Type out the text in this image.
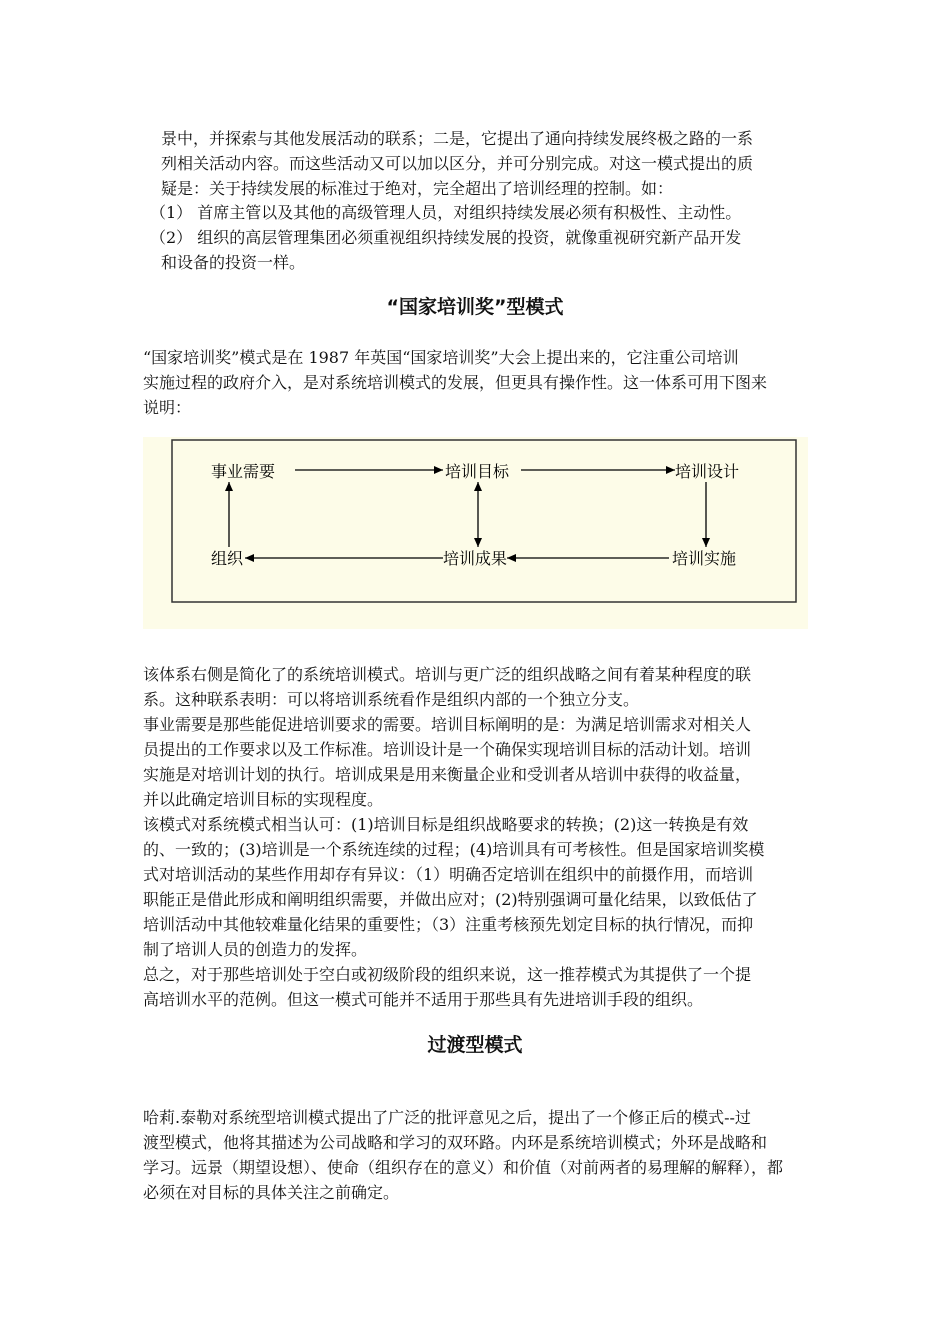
景中，并探索与其他发展活动的联系；二是，它提出了通向持续发展终极之路的一系
列相关活动内容。而这些活动又可以加以区分，并可分别完成。对这一模式提出的质
疑是：关于持续发展的标准过于绝对，完全超出了培训经理的控制。如：
（1） 首席主管以及其他的高级管理人员，对组织持续发展必须有积极性、主动性。
（2） 组织的高层管理集团必须重视组织持续发展的投资，就像重视研究新产品开发
和设备的投资一样。
“国家培训奖”型模式
“国家培训奖”模式是在 1987 年英国“国家培训奖”大会上提出来的，它注重公司培训
实施过程的政府介入，是对系统培训模式的发展，但更具有操作性。这一体系可用下图来
说明：
事业需要	培训目标	培训设计
组织	培训成果	培训实施
该体系右侧是简化了的系统培训模式。培训与更广泛的组织战略之间有着某种程度的联
系。这种联系表明：可以将培训系统看作是组织内部的一个独立分支。
事业需要是那些能促进培训要求的需要。培训目标阐明的是：为满足培训需求对相关人
员提出的工作要求以及工作标准。培训设计是一个确保实现培训目标的活动计划。培训
实施是对培训计划的执行。培训成果是用来衡量企业和受训者从培训中获得的收益量，
并以此确定培训目标的实现程度。
该模式对系统模式相当认可：(1)培训目标是组织战略要求的转换；(2)这一转换是有效
的、一致的；(3)培训是一个系统连续的过程；(4)培训具有可考核性。但是国家培训奖模
式对培训活动的某些作用却存有异议：（1）明确否定培训在组织中的前摄作用，而培训
职能正是借此形成和阐明组织需要，并做出应对；(2)特别强调可量化结果，以致低估了
培训活动中其他较难量化结果的重要性；（3）注重考核预先划定目标的执行情况，而抑
制了培训人员的创造力的发挥。
总之，对于那些培训处于空白或初级阶段的组织来说，这一推荐模式为其提供了一个提
高培训水平的范例。但这一模式可能并不适用于那些具有先进培训手段的组织。
过渡型模式
哈莉.泰勒对系统型培训模式提出了广泛的批评意见之后，提出了一个修正后的模式--过
渡型模式，他将其描述为公司战略和学习的双环路。内环是系统培训模式；外环是战略和
学习。远景（期望设想）、使命（组织存在的意义）和价值（对前两者的易理解的解释），都
必须在对目标的具体关注之前确定。
